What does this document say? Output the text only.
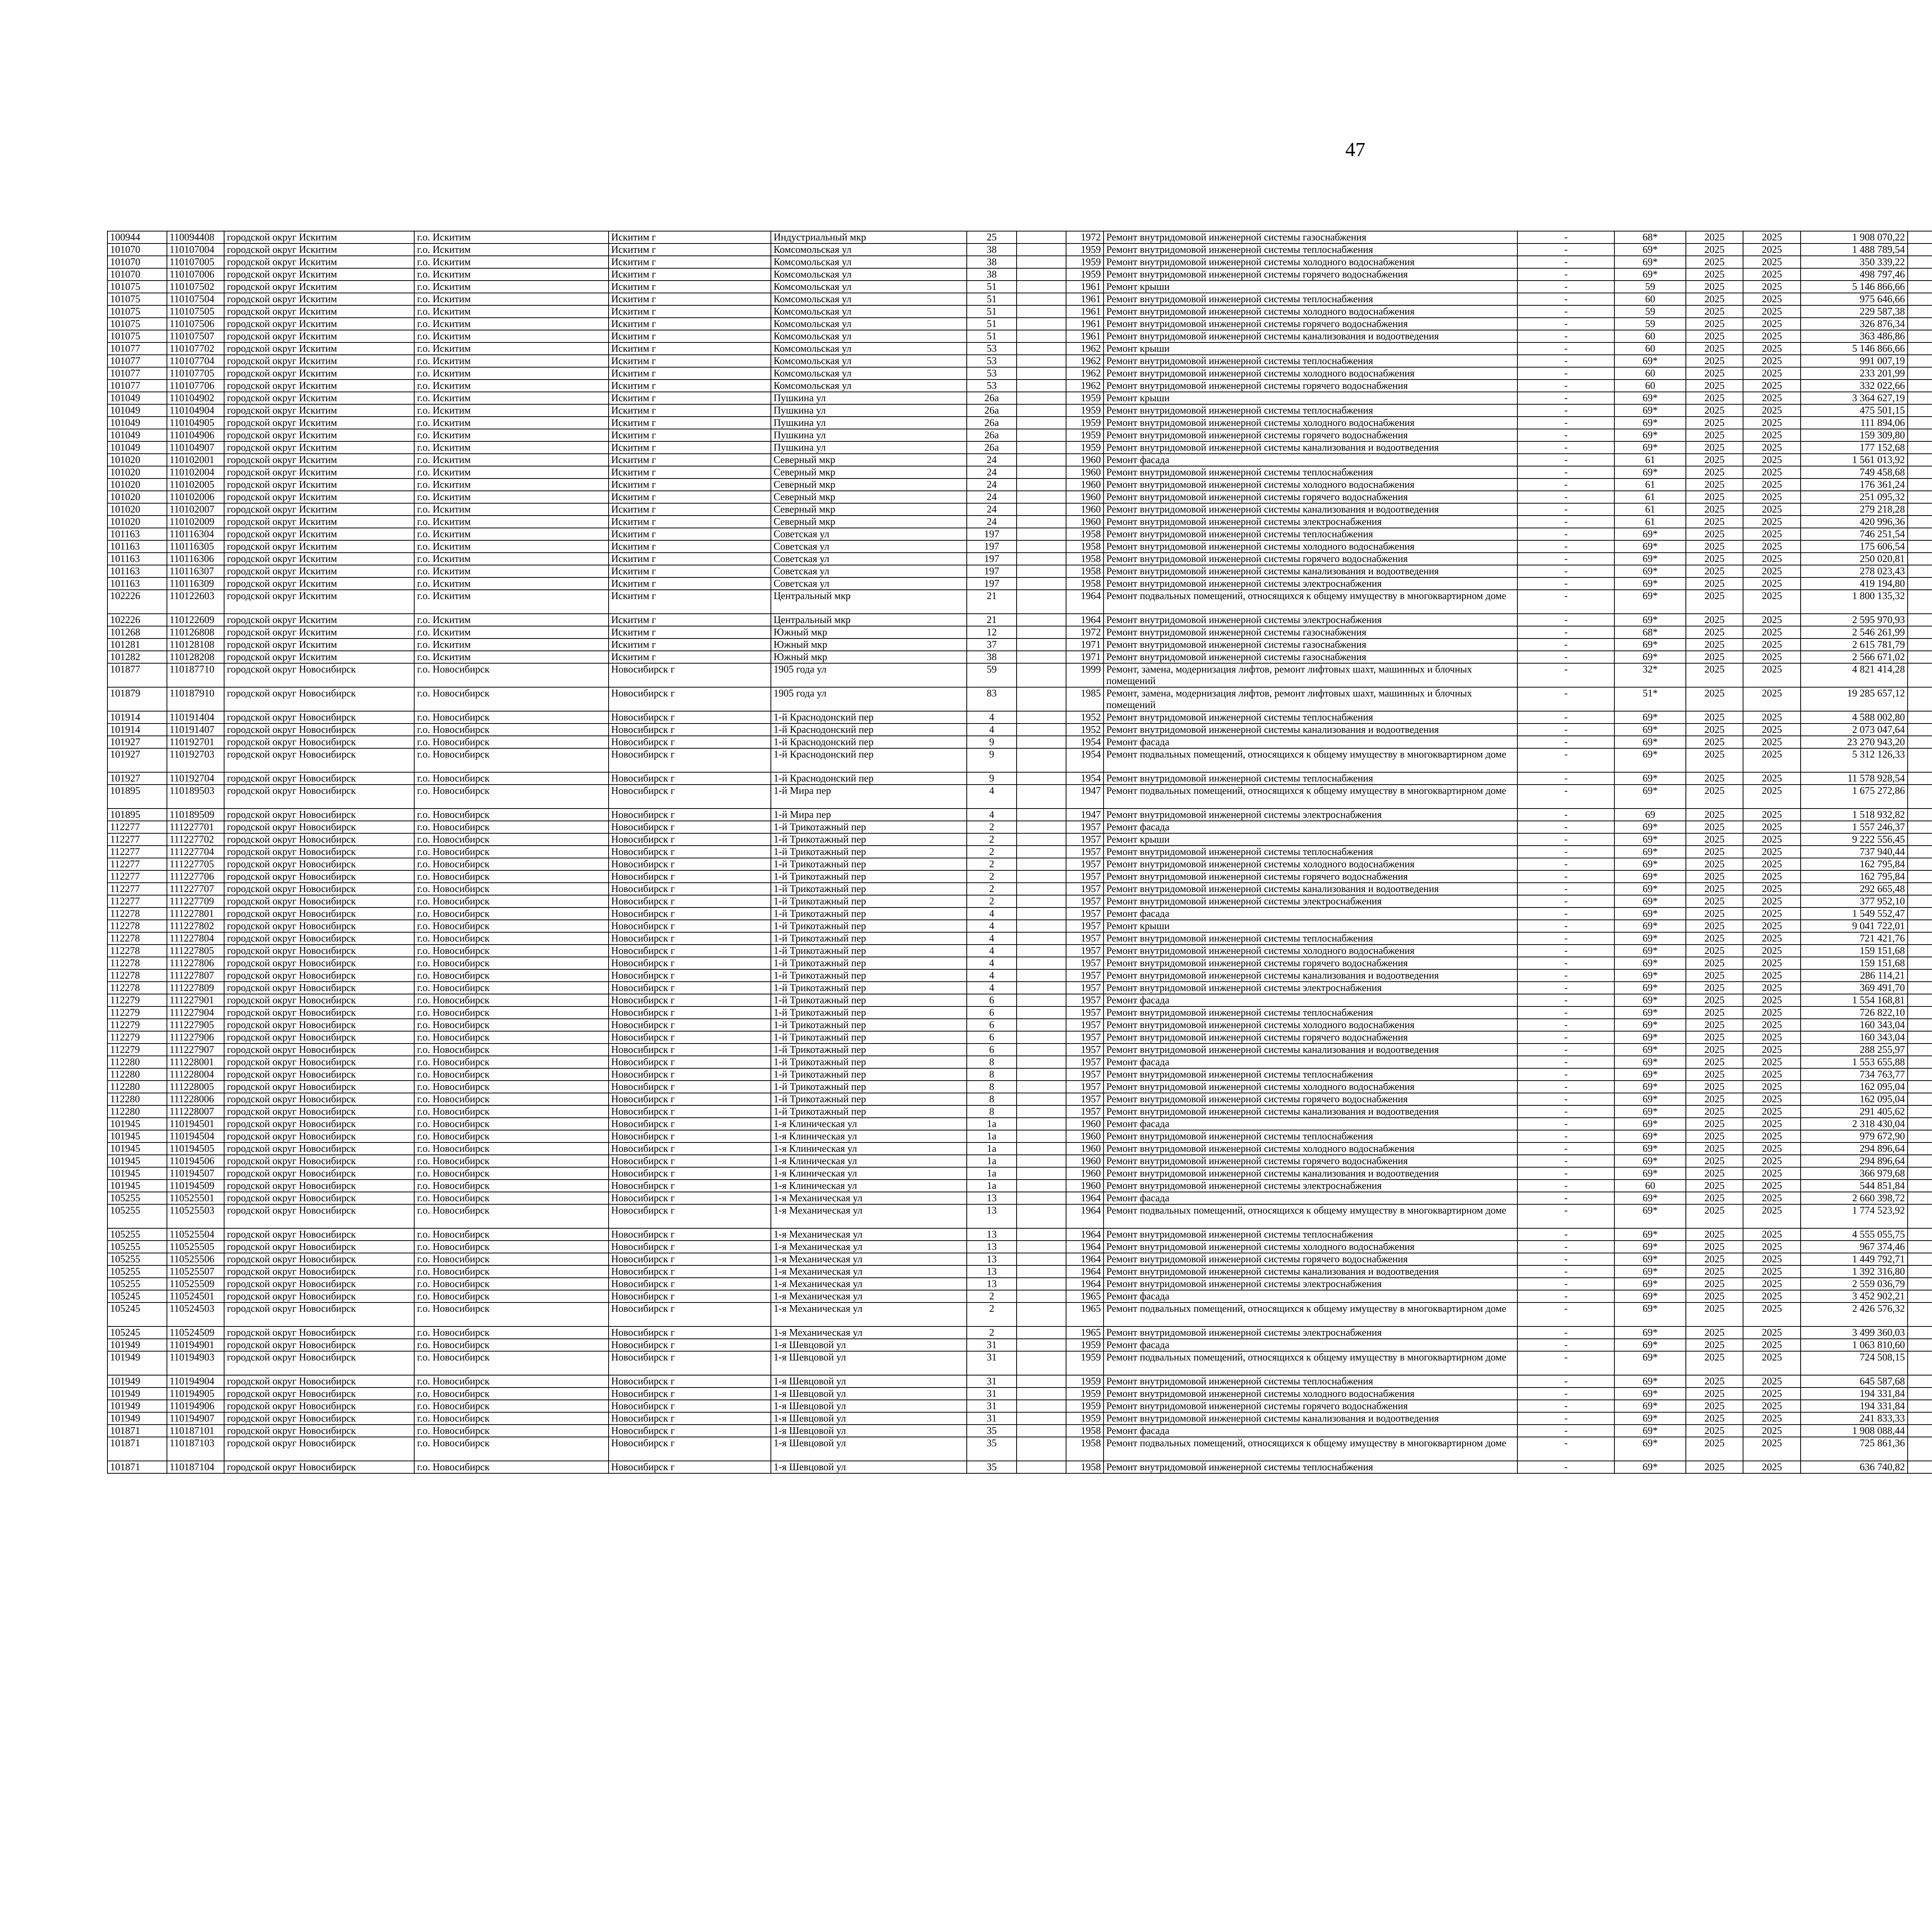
47
100944	110094408	городской округ Искитим	г.о. Искитим	Искитим г	Индустриальный мкр	25		1972	Ремонт внутридомовой инженерной системы газоснабжения	-	68*	2025	2025	1 908 070,22							
101070	110107004	городской округ Искитим	г.о. Искитим	Искитим г	Комсомольская ул	38		1959	Ремонт внутридомовой инженерной системы теплоснабжения	-	69*	2025	2025	1 488 789,54							
101070	110107005	городской округ Искитим	г.о. Искитим	Искитим г	Комсомольская ул	38		1959	Ремонт внутридомовой инженерной системы холодного водоснабжения	-	69*	2025	2025	350 339,22							
101070	110107006	городской округ Искитим	г.о. Искитим	Искитим г	Комсомольская ул	38		1959	Ремонт внутридомовой инженерной системы горячего водоснабжения	-	69*	2025	2025	498 797,46							
101075	110107502	городской округ Искитим	г.о. Искитим	Искитим г	Комсомольская ул	51		1961	Ремонт крыши	-	59	2025	2025	5 146 866,66							
101075	110107504	городской округ Искитим	г.о. Искитим	Искитим г	Комсомольская ул	51		1961	Ремонт внутридомовой инженерной системы теплоснабжения	-	60	2025	2025	975 646,66							
101075	110107505	городской округ Искитим	г.о. Искитим	Искитим г	Комсомольская ул	51		1961	Ремонт внутридомовой инженерной системы холодного водоснабжения	-	59	2025	2025	229 587,38							
101075	110107506	городской округ Искитим	г.о. Искитим	Искитим г	Комсомольская ул	51		1961	Ремонт внутридомовой инженерной системы горячего водоснабжения	-	59	2025	2025	326 876,34							
101075	110107507	городской округ Искитим	г.о. Искитим	Искитим г	Комсомольская ул	51		1961	Ремонт внутридомовой инженерной системы канализования и водоотведения	-	60	2025	2025	363 486,86							
101077	110107702	городской округ Искитим	г.о. Искитим	Искитим г	Комсомольская ул	53		1962	Ремонт крыши	-	60	2025	2025	5 146 866,66							
101077	110107704	городской округ Искитим	г.о. Искитим	Искитим г	Комсомольская ул	53		1962	Ремонт внутридомовой инженерной системы теплоснабжения	-	69*	2025	2025	991 007,19							
101077	110107705	городской округ Искитим	г.о. Искитим	Искитим г	Комсомольская ул	53		1962	Ремонт внутридомовой инженерной системы холодного водоснабжения	-	60	2025	2025	233 201,99							
101077	110107706	городской округ Искитим	г.о. Искитим	Искитим г	Комсомольская ул	53		1962	Ремонт внутридомовой инженерной системы горячего водоснабжения	-	60	2025	2025	332 022,66							
101049	110104902	городской округ Искитим	г.о. Искитим	Искитим г	Пушкина ул	26а		1959	Ремонт крыши	-	69*	2025	2025	3 364 627,19							
101049	110104904	городской округ Искитим	г.о. Искитим	Искитим г	Пушкина ул	26а		1959	Ремонт внутридомовой инженерной системы теплоснабжения	-	69*	2025	2025	475 501,15							
101049	110104905	городской округ Искитим	г.о. Искитим	Искитим г	Пушкина ул	26а		1959	Ремонт внутридомовой инженерной системы холодного водоснабжения	-	69*	2025	2025	111 894,06							
101049	110104906	городской округ Искитим	г.о. Искитим	Искитим г	Пушкина ул	26а		1959	Ремонт внутридомовой инженерной системы горячего водоснабжения	-	69*	2025	2025	159 309,80							
101049	110104907	городской округ Искитим	г.о. Искитим	Искитим г	Пушкина ул	26а		1959	Ремонт внутридомовой инженерной системы канализования и водоотведения	-	69*	2025	2025	177 152,68							
101020	110102001	городской округ Искитим	г.о. Искитим	Искитим г	Северный мкр	24		1960	Ремонт фасада	-	61	2025	2025	1 561 013,92							
101020	110102004	городской округ Искитим	г.о. Искитим	Искитим г	Северный мкр	24		1960	Ремонт внутридомовой инженерной системы теплоснабжения	-	69*	2025	2025	749 458,68							
101020	110102005	городской округ Искитим	г.о. Искитим	Искитим г	Северный мкр	24		1960	Ремонт внутридомовой инженерной системы холодного водоснабжения	-	61	2025	2025	176 361,24							
101020	110102006	городской округ Искитим	г.о. Искитим	Искитим г	Северный мкр	24		1960	Ремонт внутридомовой инженерной системы горячего водоснабжения	-	61	2025	2025	251 095,32							
101020	110102007	городской округ Искитим	г.о. Искитим	Искитим г	Северный мкр	24		1960	Ремонт внутридомовой инженерной системы канализования и водоотведения	-	61	2025	2025	279 218,28							
101020	110102009	городской округ Искитим	г.о. Искитим	Искитим г	Северный мкр	24		1960	Ремонт внутридомовой инженерной системы электроснабжения	-	61	2025	2025	420 996,36							
101163	110116304	городской округ Искитим	г.о. Искитим	Искитим г	Советская ул	197		1958	Ремонт внутридомовой инженерной системы теплоснабжения	-	69*	2025	2025	746 251,54							
101163	110116305	городской округ Искитим	г.о. Искитим	Искитим г	Советская ул	197		1958	Ремонт внутридомовой инженерной системы холодного водоснабжения	-	69*	2025	2025	175 606,54							
101163	110116306	городской округ Искитим	г.о. Искитим	Искитим г	Советская ул	197		1958	Ремонт внутридомовой инженерной системы горячего водоснабжения	-	69*	2025	2025	250 020,81							
101163	110116307	городской округ Искитим	г.о. Искитим	Искитим г	Советская ул	197		1958	Ремонт внутридомовой инженерной системы канализования и водоотведения	-	69*	2025	2025	278 023,43							
101163	110116309	городской округ Искитим	г.о. Искитим	Искитим г	Советская ул	197		1958	Ремонт внутридомовой инженерной системы электроснабжения	-	69*	2025	2025	419 194,80							
102226	110122603	городской округ Искитим	г.о. Искитим	Искитим г	Центральный мкр	21		1964	Ремонт подвальных помещений, относящихся к общему имуществу в многоквартирном доме	-	69*	2025	2025	1 800 135,32							
102226	110122609	городской округ Искитим	г.о. Искитим	Искитим г	Центральный мкр	21		1964	Ремонт внутридомовой инженерной системы электроснабжения	-	69*	2025	2025	2 595 970,93							
101268	110126808	городской округ Искитим	г.о. Искитим	Искитим г	Южный мкр	12		1972	Ремонт внутридомовой инженерной системы газоснабжения	-	68*	2025	2025	2 546 261,99							
101281	110128108	городской округ Искитим	г.о. Искитим	Искитим г	Южный мкр	37		1971	Ремонт внутридомовой инженерной системы газоснабжения	-	69*	2025	2025	2 615 781,79							
101282	110128208	городской округ Искитим	г.о. Искитим	Искитим г	Южный мкр	38		1971	Ремонт внутридомовой инженерной системы газоснабжения	-	69*	2025	2025	2 566 671,02							
101877	110187710	городской округ Новосибирск	г.о. Новосибирск	Новосибирск г	1905 года ул	59		1999	Ремонт, замена, модернизация лифтов, ремонт лифтовых шахт, машинных и блочных помещений	-	32*	2025	2025	4 821 414,28							
101879	110187910	городской округ Новосибирск	г.о. Новосибирск	Новосибирск г	1905 года ул	83		1985	Ремонт, замена, модернизация лифтов, ремонт лифтовых шахт, машинных и блочных помещений	-	51*	2025	2025	19 285 657,12							
101914	110191404	городской округ Новосибирск	г.о. Новосибирск	Новосибирск г	1-й Краснодонский пер	4		1952	Ремонт внутридомовой инженерной системы теплоснабжения	-	69*	2025	2025	4 588 002,80							
101914	110191407	городской округ Новосибирск	г.о. Новосибирск	Новосибирск г	1-й Краснодонский пер	4		1952	Ремонт внутридомовой инженерной системы канализования и водоотведения	-	69*	2025	2025	2 073 047,64							
101927	110192701	городской округ Новосибирск	г.о. Новосибирск	Новосибирск г	1-й Краснодонский пер	9		1954	Ремонт фасада	-	69*	2025	2025	23 270 943,20							
101927	110192703	городской округ Новосибирск	г.о. Новосибирск	Новосибирск г	1-й Краснодонский пер	9		1954	Ремонт подвальных помещений, относящихся к общему имуществу в многоквартирном доме	-	69*	2025	2025	5 312 126,33							
101927	110192704	городской округ Новосибирск	г.о. Новосибирск	Новосибирск г	1-й Краснодонский пер	9		1954	Ремонт внутридомовой инженерной системы теплоснабжения	-	69*	2025	2025	11 578 928,54							
101895	110189503	городской округ Новосибирск	г.о. Новосибирск	Новосибирск г	1-й Мира пер	4		1947	Ремонт подвальных помещений, относящихся к общему имуществу в многоквартирном доме	-	69*	2025	2025	1 675 272,86							
101895	110189509	городской округ Новосибирск	г.о. Новосибирск	Новосибирск г	1-й Мира пер	4		1947	Ремонт внутридомовой инженерной системы электроснабжения	-	69	2025	2025	1 518 932,82							
112277	111227701	городской округ Новосибирск	г.о. Новосибирск	Новосибирск г	1-й Трикотажный пер	2		1957	Ремонт фасада	-	69*	2025	2025	1 557 246,37							
112277	111227702	городской округ Новосибирск	г.о. Новосибирск	Новосибирск г	1-й Трикотажный пер	2		1957	Ремонт крыши	-	69*	2025	2025	9 222 556,45							
112277	111227704	городской округ Новосибирск	г.о. Новосибирск	Новосибирск г	1-й Трикотажный пер	2		1957	Ремонт внутридомовой инженерной системы теплоснабжения	-	69*	2025	2025	737 940,44							
112277	111227705	городской округ Новосибирск	г.о. Новосибирск	Новосибирск г	1-й Трикотажный пер	2		1957	Ремонт внутридомовой инженерной системы холодного водоснабжения	-	69*	2025	2025	162 795,84							
112277	111227706	городской округ Новосибирск	г.о. Новосибирск	Новосибирск г	1-й Трикотажный пер	2		1957	Ремонт внутридомовой инженерной системы горячего водоснабжения	-	69*	2025	2025	162 795,84							
112277	111227707	городской округ Новосибирск	г.о. Новосибирск	Новосибирск г	1-й Трикотажный пер	2		1957	Ремонт внутридомовой инженерной системы канализования и водоотведения	-	69*	2025	2025	292 665,48							
112277	111227709	городской округ Новосибирск	г.о. Новосибирск	Новосибирск г	1-й Трикотажный пер	2		1957	Ремонт внутридомовой инженерной системы электроснабжения	-	69*	2025	2025	377 952,10							
112278	111227801	городской округ Новосибирск	г.о. Новосибирск	Новосибирск г	1-й Трикотажный пер	4		1957	Ремонт фасада	-	69*	2025	2025	1 549 552,47							
112278	111227802	городской округ Новосибирск	г.о. Новосибирск	Новосибирск г	1-й Трикотажный пер	4		1957	Ремонт крыши	-	69*	2025	2025	9 041 722,01							
112278	111227804	городской округ Новосибирск	г.о. Новосибирск	Новосибирск г	1-й Трикотажный пер	4		1957	Ремонт внутридомовой инженерной системы теплоснабжения	-	69*	2025	2025	721 421,76							
112278	111227805	городской округ Новосибирск	г.о. Новосибирск	Новосибирск г	1-й Трикотажный пер	4		1957	Ремонт внутридомовой инженерной системы холодного водоснабжения	-	69*	2025	2025	159 151,68							
112278	111227806	городской округ Новосибирск	г.о. Новосибирск	Новосибирск г	1-й Трикотажный пер	4		1957	Ремонт внутридомовой инженерной системы горячего водоснабжения	-	69*	2025	2025	159 151,68							
112278	111227807	городской округ Новосибирск	г.о. Новосибирск	Новосибирск г	1-й Трикотажный пер	4		1957	Ремонт внутридомовой инженерной системы канализования и водоотведения	-	69*	2025	2025	286 114,21							
112278	111227809	городской округ Новосибирск	г.о. Новосибирск	Новосибирск г	1-й Трикотажный пер	4		1957	Ремонт внутридомовой инженерной системы электроснабжения	-	69*	2025	2025	369 491,70							
112279	111227901	городской округ Новосибирск	г.о. Новосибирск	Новосибирск г	1-й Трикотажный пер	6		1957	Ремонт фасада	-	69*	2025	2025	1 554 168,81							
112279	111227904	городской округ Новосибирск	г.о. Новосибирск	Новосибирск г	1-й Трикотажный пер	6		1957	Ремонт внутридомовой инженерной системы теплоснабжения	-	69*	2025	2025	726 822,10							
112279	111227905	городской округ Новосибирск	г.о. Новосибирск	Новосибирск г	1-й Трикотажный пер	6		1957	Ремонт внутридомовой инженерной системы холодного водоснабжения	-	69*	2025	2025	160 343,04							
112279	111227906	городской округ Новосибирск	г.о. Новосибирск	Новосибирск г	1-й Трикотажный пер	6		1957	Ремонт внутридомовой инженерной системы горячего водоснабжения	-	69*	2025	2025	160 343,04							
112279	111227907	городской округ Новосибирск	г.о. Новосибирск	Новосибирск г	1-й Трикотажный пер	6		1957	Ремонт внутридомовой инженерной системы канализования и водоотведения	-	69*	2025	2025	288 255,97							
112280	111228001	городской округ Новосибирск	г.о. Новосибирск	Новосибирск г	1-й Трикотажный пер	8		1957	Ремонт фасада	-	69*	2025	2025	1 553 655,88							
112280	111228004	городской округ Новосибирск	г.о. Новосибирск	Новосибирск г	1-й Трикотажный пер	8		1957	Ремонт внутридомовой инженерной системы теплоснабжения	-	69*	2025	2025	734 763,77							
112280	111228005	городской округ Новосибирск	г.о. Новосибирск	Новосибирск г	1-й Трикотажный пер	8		1957	Ремонт внутридомовой инженерной системы холодного водоснабжения	-	69*	2025	2025	162 095,04							
112280	111228006	городской округ Новосибирск	г.о. Новосибирск	Новосибирск г	1-й Трикотажный пер	8		1957	Ремонт внутридомовой инженерной системы горячего водоснабжения	-	69*	2025	2025	162 095,04							
112280	111228007	городской округ Новосибирск	г.о. Новосибирск	Новосибирск г	1-й Трикотажный пер	8		1957	Ремонт внутридомовой инженерной системы канализования и водоотведения	-	69*	2025	2025	291 405,62							
101945	110194501	городской округ Новосибирск	г.о. Новосибирск	Новосибирск г	1-я Клиническая ул	1а		1960	Ремонт фасада	-	69*	2025	2025	2 318 430,04							
101945	110194504	городской округ Новосибирск	г.о. Новосибирск	Новосибирск г	1-я Клиническая ул	1а		1960	Ремонт внутридомовой инженерной системы теплоснабжения	-	69*	2025	2025	979 672,90							
101945	110194505	городской округ Новосибирск	г.о. Новосибирск	Новосибирск г	1-я Клиническая ул	1а		1960	Ремонт внутридомовой инженерной системы холодного водоснабжения	-	69*	2025	2025	294 896,64							
101945	110194506	городской округ Новосибирск	г.о. Новосибирск	Новосибирск г	1-я Клиническая ул	1а		1960	Ремонт внутридомовой инженерной системы горячего водоснабжения	-	69*	2025	2025	294 896,64							
101945	110194507	городской округ Новосибирск	г.о. Новосибирск	Новосибирск г	1-я Клиническая ул	1а		1960	Ремонт внутридомовой инженерной системы канализования и водоотведения	-	69*	2025	2025	366 979,68							
101945	110194509	городской округ Новосибирск	г.о. Новосибирск	Новосибирск г	1-я Клиническая ул	1а		1960	Ремонт внутридомовой инженерной системы электроснабжения	-	60	2025	2025	544 851,84							
105255	110525501	городской округ Новосибирск	г.о. Новосибирск	Новосибирск г	1-я Механическая ул	13		1964	Ремонт фасада	-	69*	2025	2025	2 660 398,72							
105255	110525503	городской округ Новосибирск	г.о. Новосибирск	Новосибирск г	1-я Механическая ул	13		1964	Ремонт подвальных помещений, относящихся к общему имуществу в многоквартирном доме	-	69*	2025	2025	1 774 523,92							
105255	110525504	городской округ Новосибирск	г.о. Новосибирск	Новосибирск г	1-я Механическая ул	13		1964	Ремонт внутридомовой инженерной системы теплоснабжения	-	69*	2025	2025	4 555 055,75							
105255	110525505	городской округ Новосибирск	г.о. Новосибирск	Новосибирск г	1-я Механическая ул	13		1964	Ремонт внутридомовой инженерной системы холодного водоснабжения	-	69*	2025	2025	967 374,46							
105255	110525506	городской округ Новосибирск	г.о. Новосибирск	Новосибирск г	1-я Механическая ул	13		1964	Ремонт внутридомовой инженерной системы горячего водоснабжения	-	69*	2025	2025	1 449 792,71							
105255	110525507	городской округ Новосибирск	г.о. Новосибирск	Новосибирск г	1-я Механическая ул	13		1964	Ремонт внутридомовой инженерной системы канализования и водоотведения	-	69*	2025	2025	1 392 316,80							
105255	110525509	городской округ Новосибирск	г.о. Новосибирск	Новосибирск г	1-я Механическая ул	13		1964	Ремонт внутридомовой инженерной системы электроснабжения	-	69*	2025	2025	2 559 036,79							
105245	110524501	городской округ Новосибирск	г.о. Новосибирск	Новосибирск г	1-я Механическая ул	2		1965	Ремонт фасада	-	69*	2025	2025	3 452 902,21							
105245	110524503	городской округ Новосибирск	г.о. Новосибирск	Новосибирск г	1-я Механическая ул	2		1965	Ремонт подвальных помещений, относящихся к общему имуществу в многоквартирном доме	-	69*	2025	2025	2 426 576,32							
105245	110524509	городской округ Новосибирск	г.о. Новосибирск	Новосибирск г	1-я Механическая ул	2		1965	Ремонт внутридомовой инженерной системы электроснабжения	-	69*	2025	2025	3 499 360,03							
101949	110194901	городской округ Новосибирск	г.о. Новосибирск	Новосибирск г	1-я Шевцовой ул	31		1959	Ремонт фасада	-	69*	2025	2025	1 063 810,60							
101949	110194903	городской округ Новосибирск	г.о. Новосибирск	Новосибирск г	1-я Шевцовой ул	31		1959	Ремонт подвальных помещений, относящихся к общему имуществу в многоквартирном доме	-	69*	2025	2025	724 508,15							
101949	110194904	городской округ Новосибирск	г.о. Новосибирск	Новосибирск г	1-я Шевцовой ул	31		1959	Ремонт внутридомовой инженерной системы теплоснабжения	-	69*	2025	2025	645 587,68							
101949	110194905	городской округ Новосибирск	г.о. Новосибирск	Новосибирск г	1-я Шевцовой ул	31		1959	Ремонт внутридомовой инженерной системы холодного водоснабжения	-	69*	2025	2025	194 331,84							
101949	110194906	городской округ Новосибирск	г.о. Новосибирск	Новосибирск г	1-я Шевцовой ул	31		1959	Ремонт внутридомовой инженерной системы горячего водоснабжения	-	69*	2025	2025	194 331,84							
101949	110194907	городской округ Новосибирск	г.о. Новосибирск	Новосибирск г	1-я Шевцовой ул	31		1959	Ремонт внутридомовой инженерной системы канализования и водоотведения	-	69*	2025	2025	241 833,33							
101871	110187101	городской округ Новосибирск	г.о. Новосибирск	Новосибирск г	1-я Шевцовой ул	35		1958	Ремонт фасада	-	69*	2025	2025	1 908 088,44							
101871	110187103	городской округ Новосибирск	г.о. Новосибирск	Новосибирск г	1-я Шевцовой ул	35		1958	Ремонт подвальных помещений, относящихся к общему имуществу в многоквартирном доме	-	69*	2025	2025	725 861,36							
101871	110187104	городской округ Новосибирск	г.о. Новосибирск	Новосибирск г	1-я Шевцовой ул	35		1958	Ремонт внутридомовой инженерной системы теплоснабжения	-	69*	2025	2025	636 740,82							
